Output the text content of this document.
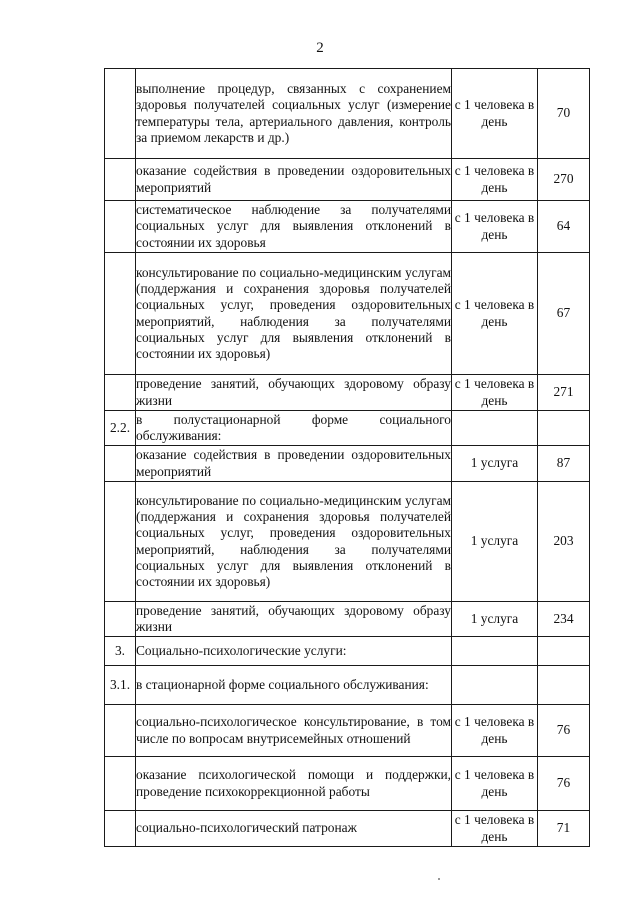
2
	выполнение процедур, связанных с сохранением здоровья получателей социальных услуг (измерение температуры тела, артериального давления, контроль за приемом лекарств и др.)	с 1 человека в день	70
	оказание содействия в проведении оздоровительных мероприятий	с 1 человека в день	270
	систематическое наблюдение за получателями социальных услуг для выявления отклонений в состоянии их здоровья	с 1 человека в день	64
	консультирование по социально-медицинским услугам (поддержания и сохранения здоровья получателей социальных услуг, проведения оздоровительных мероприятий, наблюдения за получателями социальных услуг для выявления отклонений в состоянии их здоровья)	с 1 человека в день	67
	проведение занятий, обучающих здоровому образу жизни	с 1 человека в день	271
2.2.	в полустационарной форме социального обслуживания:		
	оказание содействия в проведении оздоровительных мероприятий	1 услуга	87
	консультирование по социально-медицинским услугам (поддержания и сохранения здоровья получателей социальных услуг, проведения оздоровительных мероприятий, наблюдения за получателями социальных услуг для выявления отклонений в состоянии их здоровья)	1 услуга	203
	проведение занятий, обучающих здоровому образу жизни	1 услуга	234
3.	Социально-психологические услуги:		
3.1.	в стационарной форме социального обслуживания:		
	социально-психологическое консультирование, в том числе по вопросам внутрисемейных отношений	с 1 человека в день	76
	оказание психологической помощи и поддержки, проведение психокоррекционной работы	с 1 человека в день	76
	социально-психологический патронаж	с 1 человека в день	71
